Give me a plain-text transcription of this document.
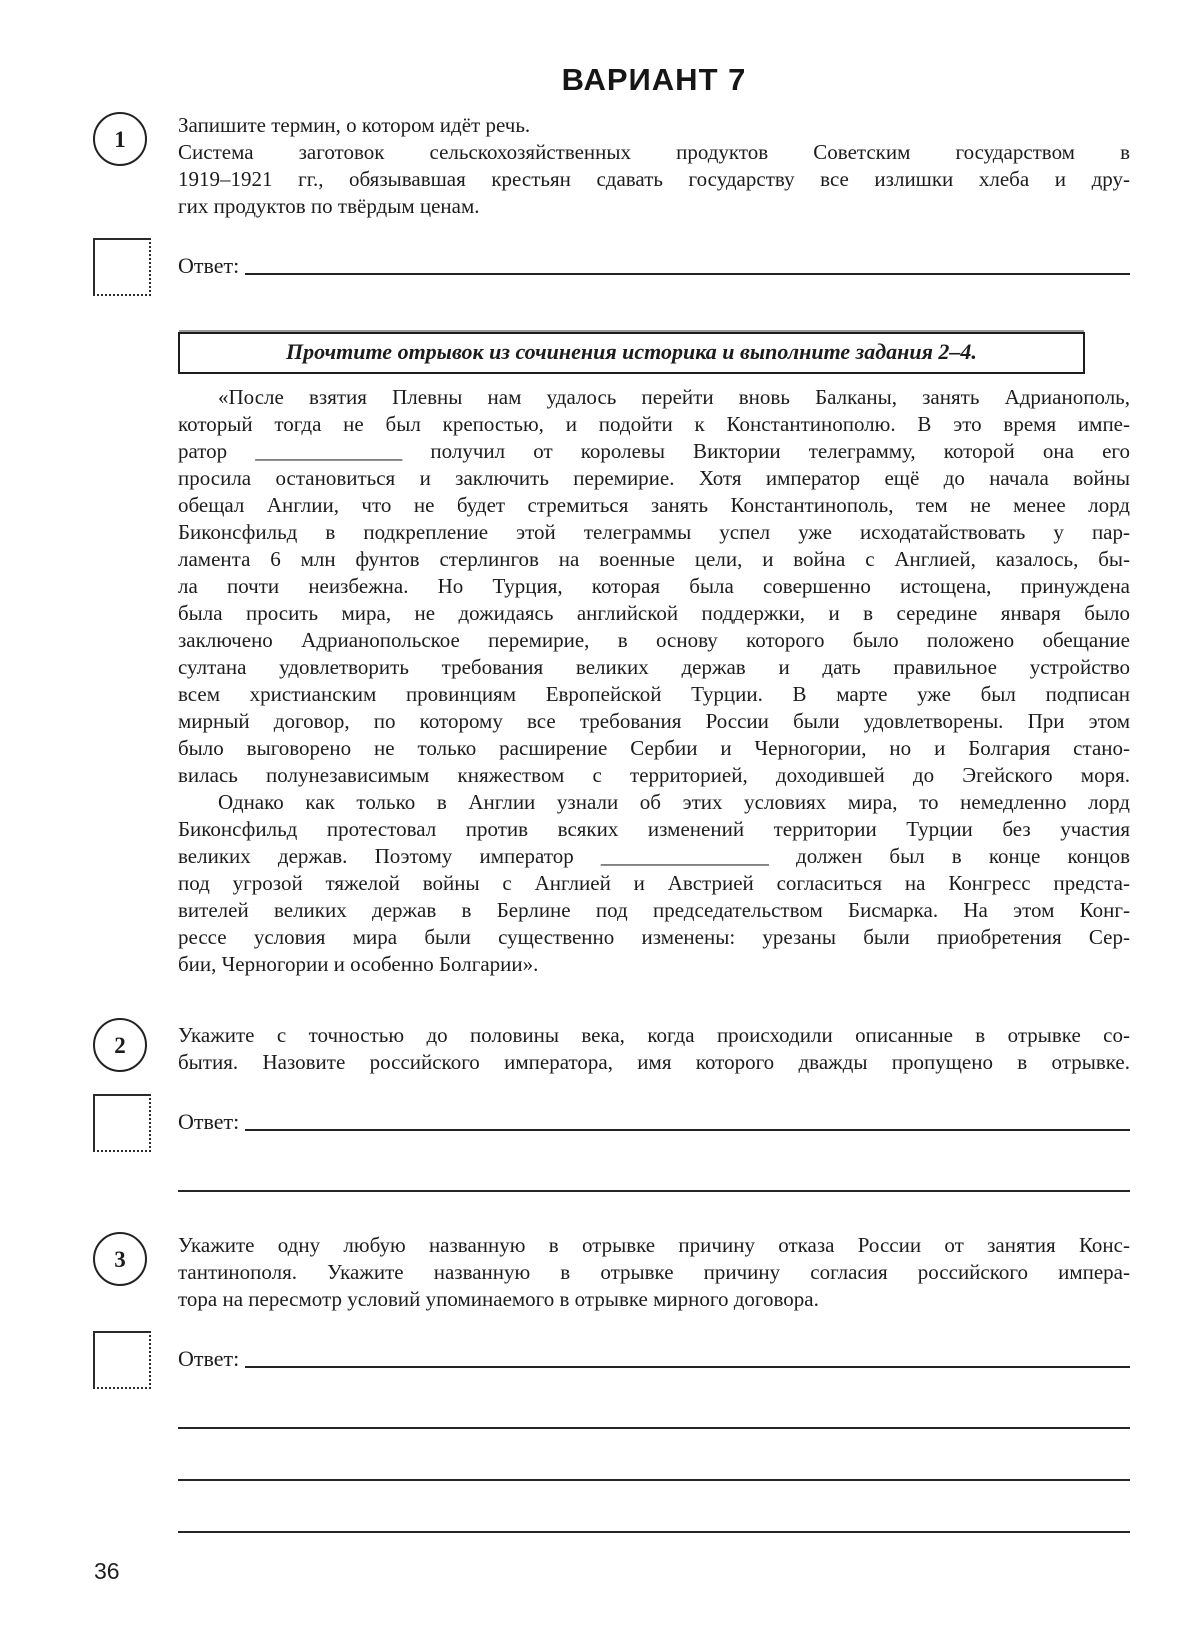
ВАРИАНТ 7
1
Запишите термин, о котором идёт речь.
Система заготовок сельскохозяйственных продуктов Советским государством в
1919–1921 гг., обязывавшая крестьян сдавать государству все излишки хлеба и дру-
гих продуктов по твёрдым ценам.
Ответ:
Прочтите отрывок из сочинения историка и выполните задания 2–4.
«После взятия Плевны нам удалось перейти вновь Балканы, занять Адрианополь,
который тогда не был крепостью, и подойти к Константинополю. В это время импе-
ратор ______________ получил от королевы Виктории телеграмму, которой она его
просила остановиться и заключить перемирие. Хотя император ещё до начала войны
обещал Англии, что не будет стремиться занять Константинополь, тем не менее лорд
Биконсфильд в подкрепление этой телеграммы успел уже исходатайствовать у пар-
ламента 6 млн фунтов стерлингов на военные цели, и война с Англией, казалось, бы-
ла почти неизбежна. Но Турция, которая была совершенно истощена, принуждена
была просить мира, не дожидаясь английской поддержки, и в середине января было
заключено Адрианопольское перемирие, в основу которого было положено обещание
султана удовлетворить требования великих держав и дать правильное устройство
всем христианским провинциям Европейской Турции. В марте уже был подписан
мирный договор, по которому все требования России были удовлетворены. При этом
было выговорено не только расширение Сербии и Черногории, но и Болгария стано-
вилась полунезависимым княжеством с территорией, доходившей до Эгейского моря.
Однако как только в Англии узнали об этих условиях мира, то немедленно лорд
Биконсфильд протестовал против всяких изменений территории Турции без участия
великих держав. Поэтому император ________________ должен был в конце концов
под угрозой тяжелой войны с Англией и Австрией согласиться на Конгресс предста-
вителей великих держав в Берлине под председательством Бисмарка. На этом Конг-
рессе условия мира были существенно изменены: урезаны были приобретения Сер-
бии, Черногории и особенно Болгарии».
2 Укажите с точностью до половины века, когда происходили описанные в отрывке со-
бытия. Назовите российского императора, имя которого дважды пропущено в отрывке.
Ответ:
3
Укажите одну любую названную в отрывке причину отказа России от занятия Конс-
тантинополя. Укажите названную в отрывке причину согласия российского импера-
тора на пересмотр условий упоминаемого в отрывке мирного договора.
Ответ:
36
